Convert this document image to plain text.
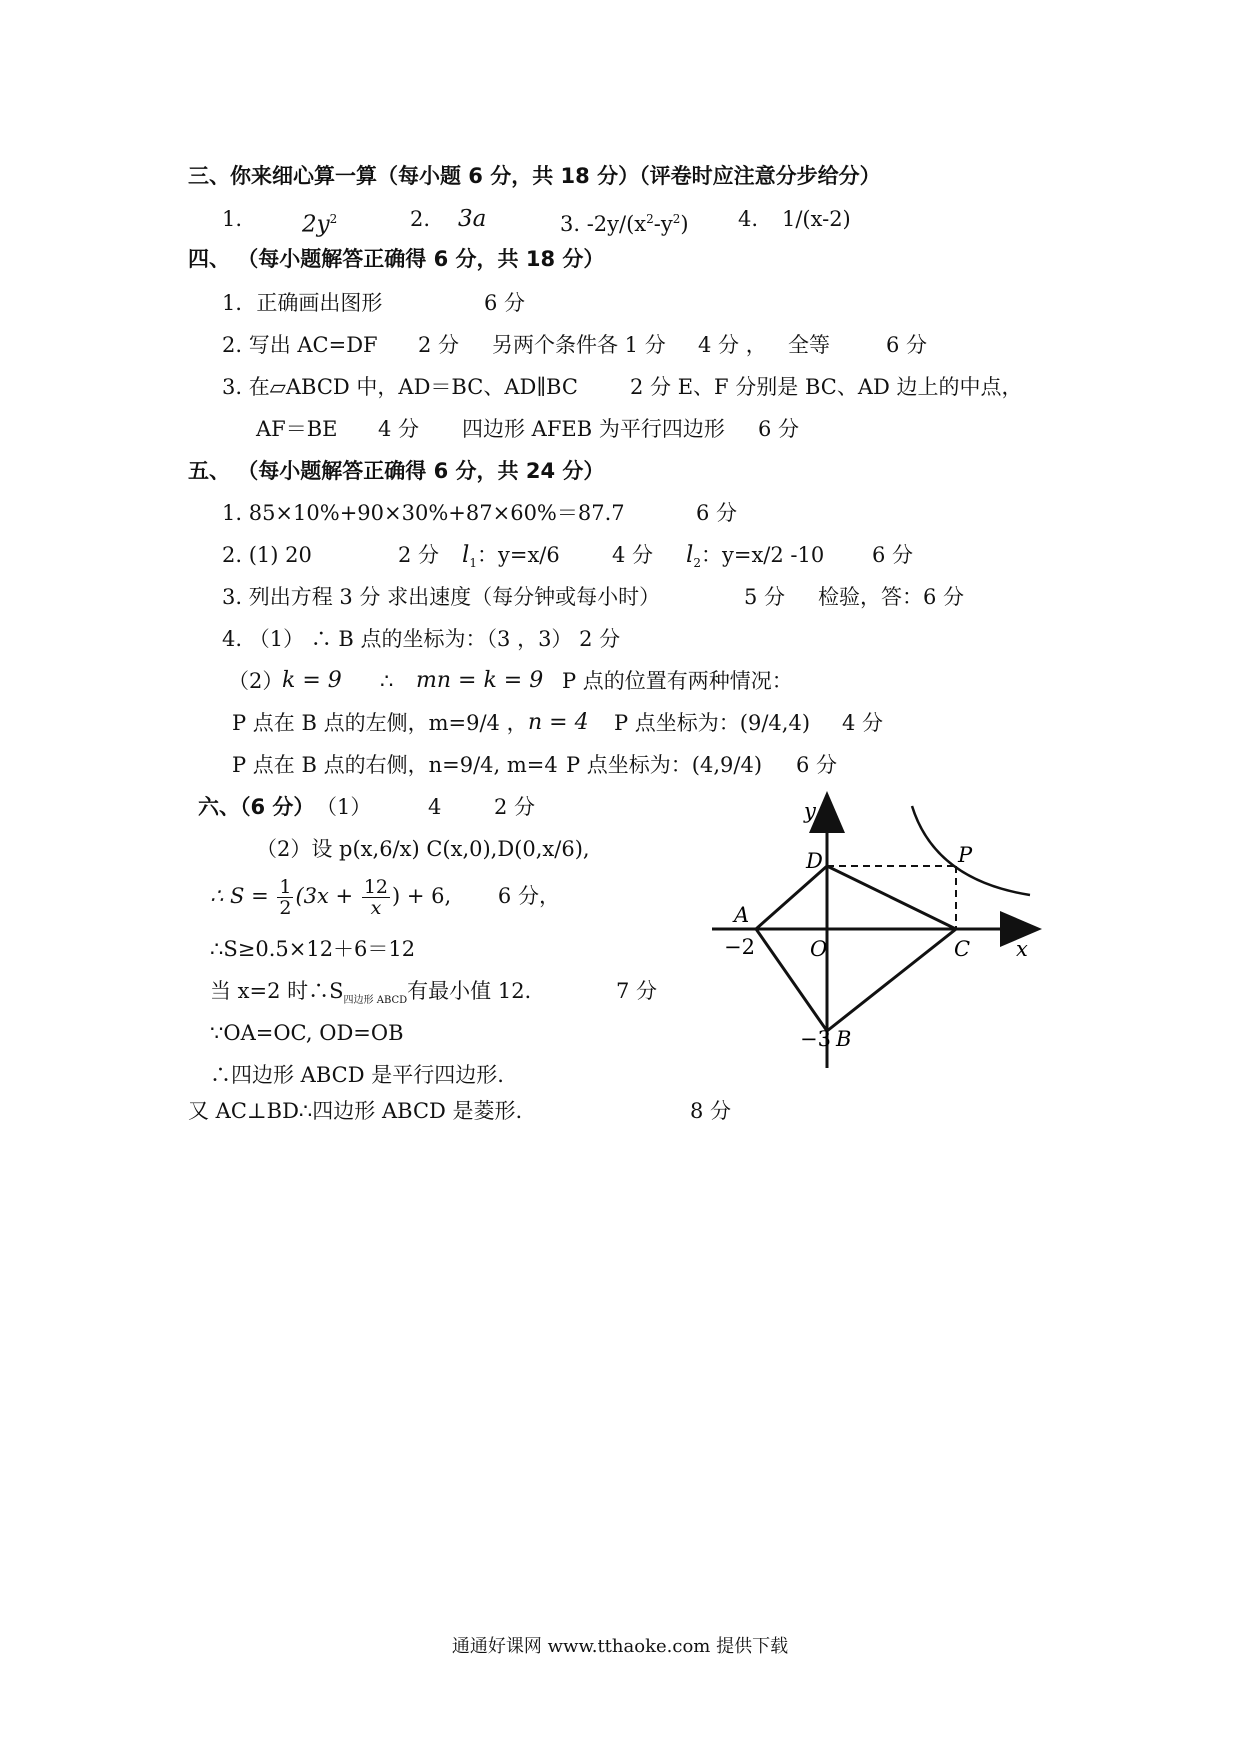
三、你来细心算一算（每小题 6 分，共 18 分）（评卷时应注意分步给分）
1.	$2y^2$	2. 3a	3. $-2y/(x^2-y^2)$ 4. 1/(x-2)
四、 （每小题解答正确得 6 分，共 18 分）
1．正确画出图形	6 分
2. 写出 AC=DF 2 分 另两个条件各 1 分 4 分 ， 全等	6 分
3. 在▱ABCD 中，AD＝BC、AD∥BC 2 分 E、F 分别是 BC、AD 边上的中点，
AF＝BE 4 分 四边形 AFEB 为平行四边形 6 分
五、 （每小题解答正确得 6 分，共 24 分）
1. 85×10%+90×30%+87×60%＝87.7	6 分
2. (1) 20	2 分 $l_1$：y=x/6 4 分 $l_2$：y=x/2 -10 6 分
3. 列出方程 3 分 求出速度（每分钟或每小时）	5 分 检验，答：6 分
4. （1） ∴ B 点的坐标为：（3 ，3） 2 分
（2）
k = 9 ∴ mn = k = 9 P 点的位置有两种情况：
P 点在 B 点的左侧，m=9/4 ， n = 4 P 点坐标为：(9/4,4) 4 分
P 点在 B 点的右侧，n=9/4, m=4 P 点坐标为：(4,9/4) 6 分
六、（6 分） （1）	4	2 分
（2）设 p(x,6/x) C(x,0),D(0,x/6),
∴ $S = \frac{1}{2} (3x + \frac{12}{x}$ ) + 6, 6 分，
∴S≥0.5×12＋6＝12
当 x=2 时$\therefore S_{四边形 ABCD}$有最小值 12.	7 分
∵OA=OC, OD=OB
∴四边形 ABCD 是平行四边形.
又 AC⊥BD∴四边形 ABCD 是菱形.	8 分
y
D	P
A
−2	O	C x
−3 B
通通好课网 www.tthaoke.com 提供下载
